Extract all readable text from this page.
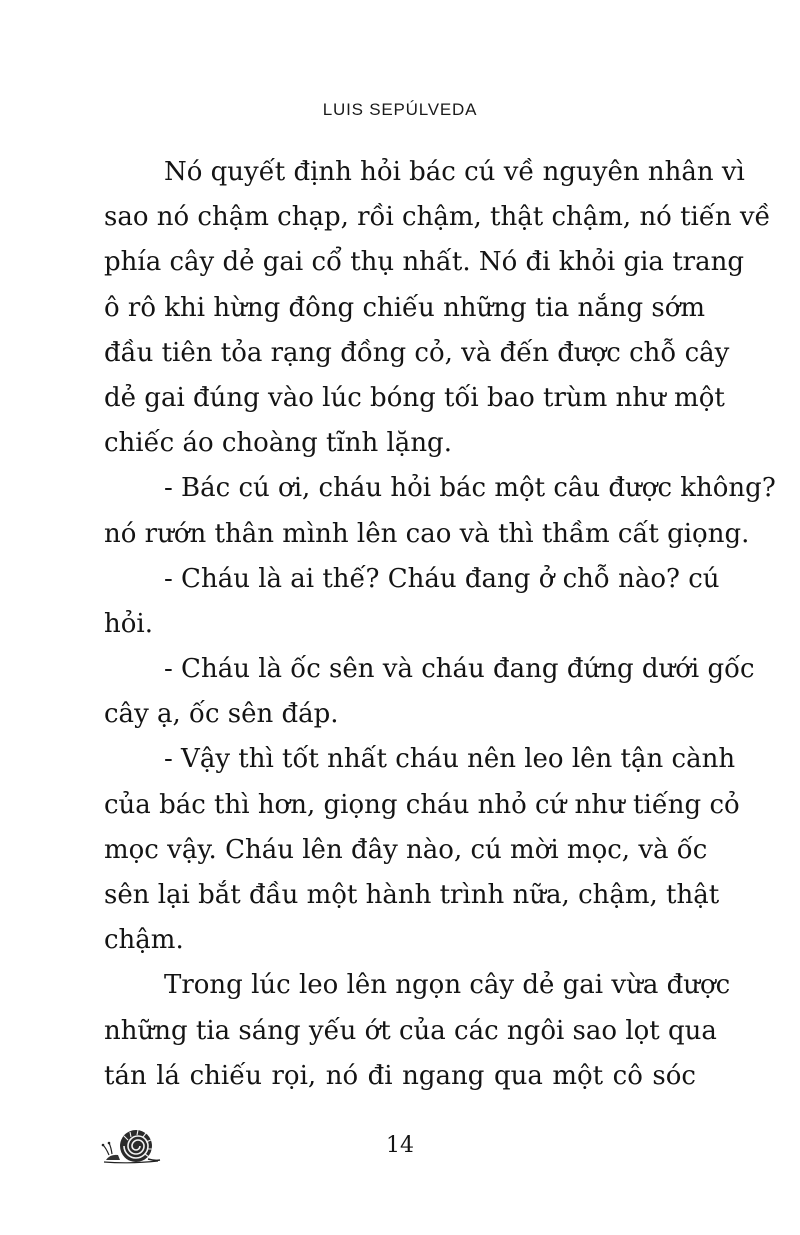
LUIS SEPÚLVEDA
Nó quyết định hỏi bác cú về nguyên nhân vì
sao nó chậm chạp, rồi chậm, thật chậm, nó tiến về
phía cây dẻ gai cổ thụ nhất. Nó đi khỏi gia trang
ô rô khi hừng đông chiếu những tia nắng sớm
đầu tiên tỏa rạng đồng cỏ, và đến được chỗ cây
dẻ gai đúng vào lúc bóng tối bao trùm như một
chiếc áo choàng tĩnh lặng.
- Bác cú ơi, cháu hỏi bác một câu được không?
nó rướn thân mình lên cao và thì thầm cất giọng.
- Cháu là ai thế? Cháu đang ở chỗ nào? cú
hỏi.
- Cháu là ốc sên và cháu đang đứng dưới gốc
cây ạ, ốc sên đáp.
- Vậy thì tốt nhất cháu nên leo lên tận cành
của bác thì hơn, giọng cháu nhỏ cứ như tiếng cỏ
mọc vậy. Cháu lên đây nào, cú mời mọc, và ốc
sên lại bắt đầu một hành trình nữa, chậm, thật
chậm.
Trong lúc leo lên ngọn cây dẻ gai vừa được
những tia sáng yếu ớt của các ngôi sao lọt qua
tán lá chiếu rọi, nó đi ngang qua một cô sóc
14
